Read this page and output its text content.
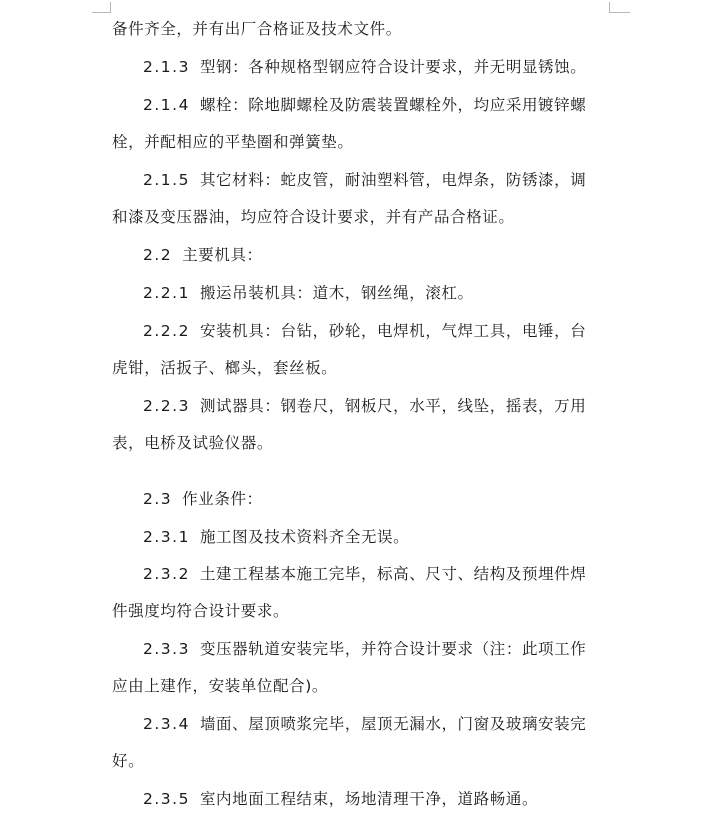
备件齐全，并有出厂合格证及技术文件。
2.1.3 型钢：各种规格型钢应符合设计要求，并无明显锈蚀。
2.1.4 螺栓：除地脚螺栓及防震装置螺栓外，均应采用镀锌螺
栓，并配相应的平垫圈和弹簧垫。
2.1.5 其它材料：蛇皮管，耐油塑料管，电焊条，防锈漆，调
和漆及变压器油，均应符合设计要求，并有产品合格证。
2.2 主要机具：
2.2.1 搬运吊装机具：道木，钢丝绳，滚杠。
2.2.2 安装机具：台钻，砂轮，电焊机，气焊工具，电锤，台
虎钳，活扳子、榔头，套丝板。
2.2.3 测试器具：钢卷尺，钢板尺，水平，线坠，摇表，万用
表，电桥及试验仪器。
2.3 作业条件：
2.3.1 施工图及技术资料齐全无误。
2.3.2 土建工程基本施工完毕，标高、尺寸、结构及预埋件焊
件强度均符合设计要求。
2.3.3 变压器轨道安装完毕，并符合设计要求（注：此项工作
应由上建作，安装单位配合)。
2.3.4 墙面、屋顶喷浆完毕，屋顶无漏水，门窗及玻璃安装完
好。
2.3.5 室内地面工程结束，场地清理干净，道路畅通。
